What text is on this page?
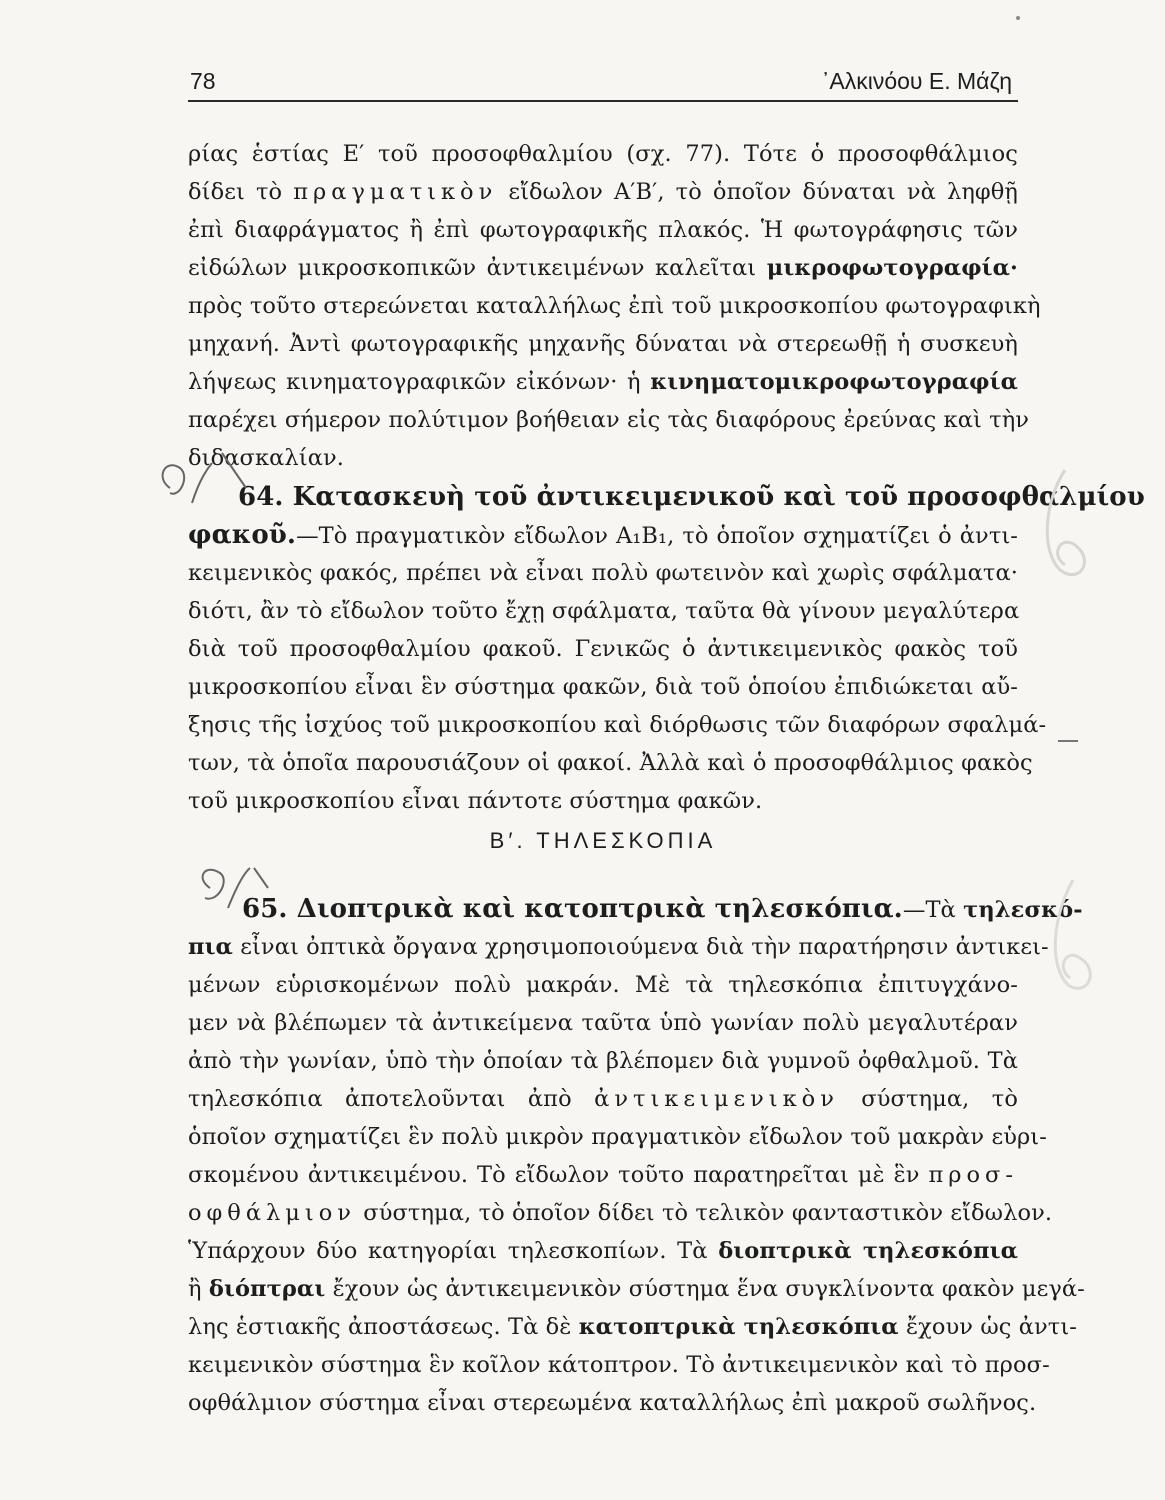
78	᾿Αλκινόου Ε. Μάζη
ρίας ἑστίας Ε′ τοῦ προσοφθαλμίου (σχ. 77). Τότε ὁ προσοφθάλμιος
δίδει τὸ πραγματικὸν εἴδωλον Α′Β′, τὸ ὁποῖον δύναται νὰ ληφθῇ
ἐπὶ διαφράγματος ἢ ἐπὶ φωτογραφικῆς πλακός. Ἡ φωτογράφησις τῶν
εἰδώλων μικροσκοπικῶν ἀντικειμένων καλεῖται μικροφωτογραφία·
πρὸς τοῦτο στερεώνεται καταλλήλως ἐπὶ τοῦ μικροσκοπίου φωτογραφικὴ
μηχανή. Ἀντὶ φωτογραφικῆς μηχανῆς δύναται νὰ στερεωθῇ ἡ συσκευὴ
λήψεως κινηματογραφικῶν εἰκόνων· ἡ κινηματομικροφωτογραφία
παρέχει σήμερον πολύτιμον βοήθειαν εἰς τὰς διαφόρους ἐρεύνας καὶ τὴν
διδασκαλίαν.
64. Κατασκευὴ τοῦ ἀντικειμενικοῦ καὶ τοῦ προσοφθαλμίου
φακοῦ.—Τὸ πραγματικὸν εἴδωλον Α₁Β₁, τὸ ὁποῖον σχηματίζει ὁ ἀντι-
κειμενικὸς φακός, πρέπει νὰ εἶναι πολὺ φωτεινὸν καὶ χωρὶς σφάλματα·
διότι, ἂν τὸ εἴδωλον τοῦτο ἔχῃ σφάλματα, ταῦτα θὰ γίνουν μεγαλύτερα
διὰ τοῦ προσοφθαλμίου φακοῦ. Γενικῶς ὁ ἀντικειμενικὸς φακὸς τοῦ
μικροσκοπίου εἶναι ἓν σύστημα φακῶν, διὰ τοῦ ὁποίου ἐπιδιώκεται αὔ-
ξησις τῆς ἰσχύος τοῦ μικροσκοπίου καὶ διόρθωσις τῶν διαφόρων σφαλμά-
των, τὰ ὁποῖα παρουσιάζουν οἱ φακοί. Ἀλλὰ καὶ ὁ προσοφθάλμιος φακὸς
τοῦ μικροσκοπίου εἶναι πάντοτε σύστημα φακῶν.
Β′. ΤΗΛΕΣΚΟΠΙΑ
65. Διοπτρικὰ καὶ κατοπτρικὰ τηλεσκόπια.—Τὰ τηλεσκό-
πια εἶναι ὀπτικὰ ὄργανα χρησιμοποιούμενα διὰ τὴν παρατήρησιν ἀντικει-
μένων εὑρισκομένων πολὺ μακράν. Μὲ τὰ τηλεσκόπια ἐπιτυγχάνο-
μεν νὰ βλέπωμεν τὰ ἀντικείμενα ταῦτα ὑπὸ γωνίαν πολὺ μεγαλυτέραν
ἀπὸ τὴν γωνίαν, ὑπὸ τὴν ὁποίαν τὰ βλέπομεν διὰ γυμνοῦ ὀφθαλμοῦ. Τὰ
τηλεσκόπια ἀποτελοῦνται ἀπὸ ἀντικειμενικὸν σύστημα, τὸ
ὁποῖον σχηματίζει ἓν πολὺ μικρὸν πραγματικὸν εἴδωλον τοῦ μακρὰν εὑρι-
σκομένου ἀντικειμένου. Τὸ εἴδωλον τοῦτο παρατηρεῖται μὲ ἓν προσ-
οφθάλμιον σύστημα, τὸ ὁποῖον δίδει τὸ τελικὸν φανταστικὸν εἴδωλον.
Ὑπάρχουν δύο κατηγορίαι τηλεσκοπίων. Τὰ διοπτρικὰ τηλεσκόπια
ἢ διόπτραι ἔχουν ὡς ἀντικειμενικὸν σύστημα ἕνα συγκλίνοντα φακὸν μεγά-
λης ἑστιακῆς ἀποστάσεως. Τὰ δὲ κατοπτρικὰ τηλεσκόπια ἔχουν ὡς ἀντι-
κειμενικὸν σύστημα ἓν κοῖλον κάτοπτρον. Τὸ ἀντικειμενικὸν καὶ τὸ προσ-
οφθάλμιον σύστημα εἶναι στερεωμένα καταλλήλως ἐπὶ μακροῦ σωλῆνος.
